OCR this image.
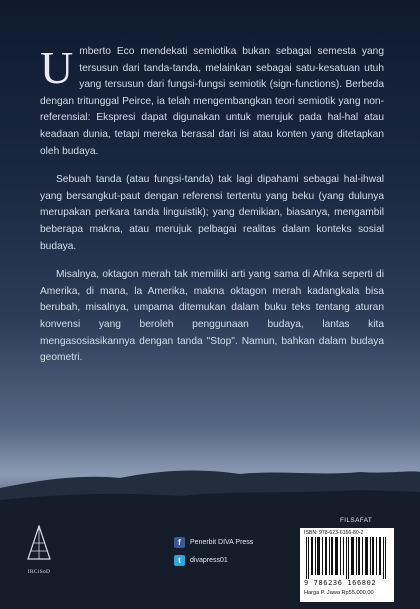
Umberto Eco mendekati semiotika bukan sebagai semesta yang tersusun dari tanda-tanda, melainkan sebagai satu-kesatuan utuh yang tersusun dari fungsi-fungsi semiotik (sign-functions). Berbeda dengan tritunggal Peirce, ia telah mengembangkan teori semiotik yang non-referensial: Ekspresi dapat digunakan untuk merujuk pada hal-hal atau keadaan dunia, tetapi mereka berasal dari isi atau konten yang ditetapkan oleh budaya.

Sebuah tanda (atau fungsi-tanda) tak lagi dipahami sebagai hal-ihwal yang bersangkut-paut dengan referensi tertentu yang beku (yang dulunya merupakan perkara tanda linguistik); yang demikian, biasanya, mengambil beberapa makna, atau merujuk pelbagai realitas dalam konteks sosial budaya.

Misalnya, oktagon merah tak memiliki arti yang sama di Afrika seperti di Amerika, di mana, la Amerika, makna oktagon merah kadangkala bisa berubah, misalnya, umpama ditemukan dalam buku teks tentang aturan konvensi yang beroleh penggunaan budaya, lantas kita mengasosiasikannya dengan tanda "Stop". Namun, bahkan dalam budaya geometri.

IRCiSoD
f	Penerbit DIVA Press
t	divapress01
FILSAFAT
ISBN: 978-623-6166-80-2
9 786236 166802
Harga P. Jawa Rp55.000,00
